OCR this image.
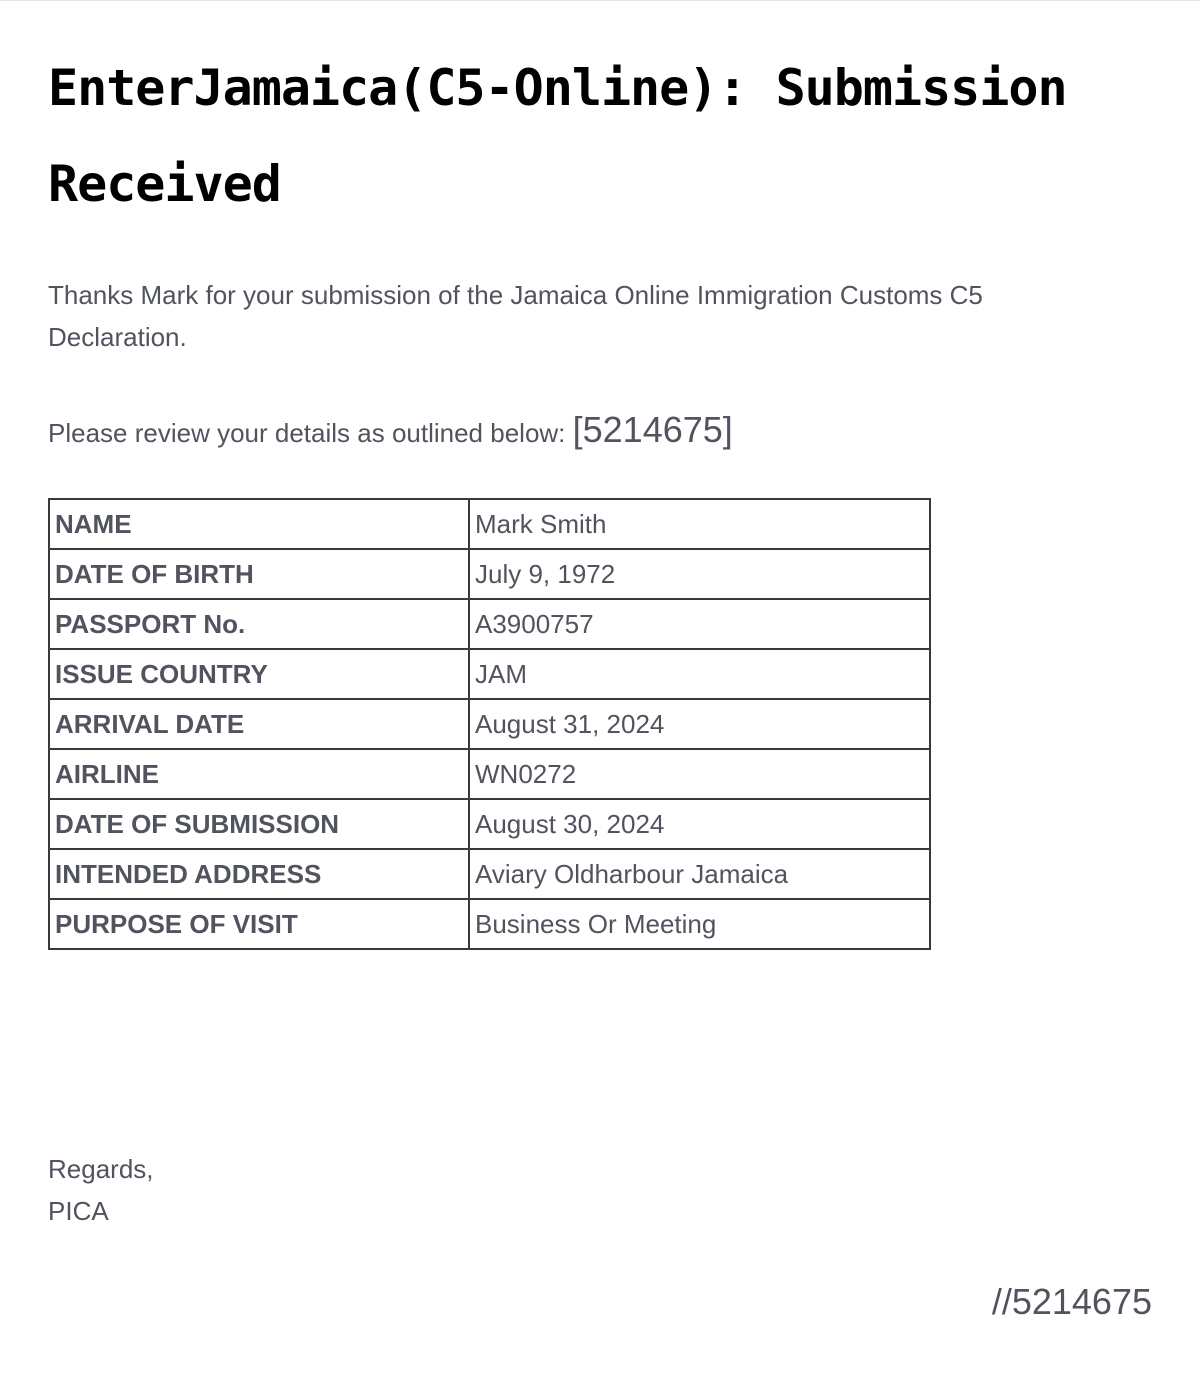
EnterJamaica(C5-Online): Submission Received

Thanks Mark for your submission of the Jamaica Online Immigration Customs C5 Declaration.

Please review your details as outlined below: [5214675]

NAME	Mark Smith
DATE OF BIRTH	July 9, 1972
PASSPORT No.	A3900757
ISSUE COUNTRY	JAM
ARRIVAL DATE	August 31, 2024
AIRLINE	WN0272
DATE OF SUBMISSION	August 30, 2024
INTENDED ADDRESS	Aviary Oldharbour Jamaica
PURPOSE OF VISIT	Business Or Meeting

Regards,
PICA

//5214675
